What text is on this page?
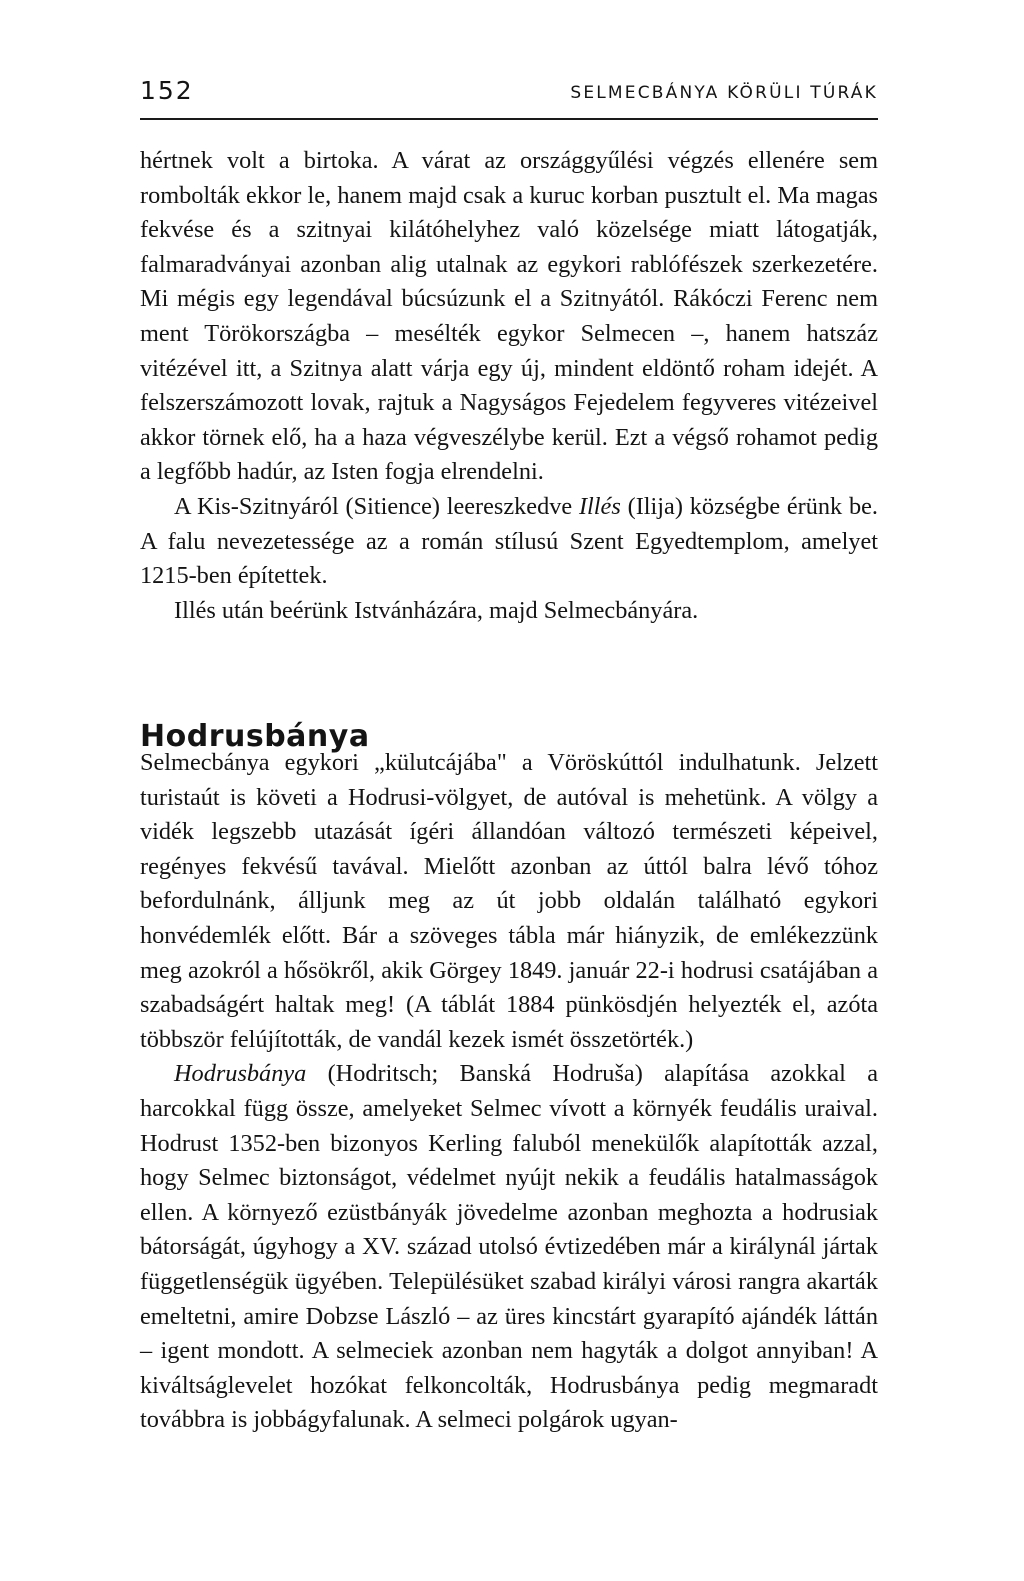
152	SELMECBÁNYA KÖRÜLI TÚRÁK

hértnek volt a birtoka. A várat az országgyűlési végzés ellenére sem rombolták ekkor le, hanem majd csak a kuruc korban pusztult el. Ma magas fekvése és a szitnyai kilátóhelyhez való közelsége miatt látogatják, falmaradványai azonban alig utalnak az egykori rablófészek szerkezetére. Mi mégis egy legendával búcsúzunk el a Szitnyától. Rákóczi Ferenc nem ment Törökországba – mesélték egykor Selmecen –, hanem hatszáz vitézével itt, a Szitnya alatt várja egy új, mindent eldöntő roham idejét. A felszerszámozott lovak, rajtuk a Nagyságos Fejedelem fegyveres vitézeivel akkor törnek elő, ha a haza végveszélybe kerül. Ezt a végső rohamot pedig a legfőbb hadúr, az Isten fogja elrendelni.

A Kis-Szitnyáról (Sitience) leereszkedve Illés (Ilija) községbe érünk be. A falu nevezetessége az a román stílusú Szent Egyedtemplom, amelyet 1215-ben építettek.

Illés után beérünk Istvánházára, majd Selmecbányára.

Hodrusbánya

Selmecbánya egykori „külutcájába" a Vöröskúttól indulhatunk. Jelzett turistaút is követi a Hodrusi-völgyet, de autóval is mehetünk. A völgy a vidék legszebb utazását ígéri állandóan változó természeti képeivel, regényes fekvésű tavával. Mielőtt azonban az úttól balra lévő tóhoz befordulnánk, álljunk meg az út jobb oldalán található egykori honvédemlék előtt. Bár a szöveges tábla már hiányzik, de emlékezzünk meg azokról a hősökről, akik Görgey 1849. január 22-i hodrusi csatájában a szabadságért haltak meg! (A táblát 1884 pünkösdjén helyezték el, azóta többször felújították, de vandál kezek ismét összetörték.)

Hodrusbánya (Hodritsch; Banská Hodruša) alapítása azokkal a harcokkal függ össze, amelyeket Selmec vívott a környék feudális uraival. Hodrust 1352-ben bizonyos Kerling faluból menekülők alapították azzal, hogy Selmec biztonságot, védelmet nyújt nekik a feudális hatalmasságok ellen. A környező ezüstbányák jövedelme azonban meghozta a hodrusiak bátorságát, úgyhogy a XV. század utolsó évtizedében már a királynál jártak függetlenségük ügyében. Településüket szabad királyi városi rangra akarták emeltetni, amire Dobzse László – az üres kincstárt gyarapító ajándék láttán – igent mondott. A selmeciek azonban nem hagyták a dolgot annyiban! A kiváltságlevelet hozókat felkoncolták, Hodrusbánya pedig megmaradt továbbra is jobbágyfalunak. A selmeci polgárok ugyan-
